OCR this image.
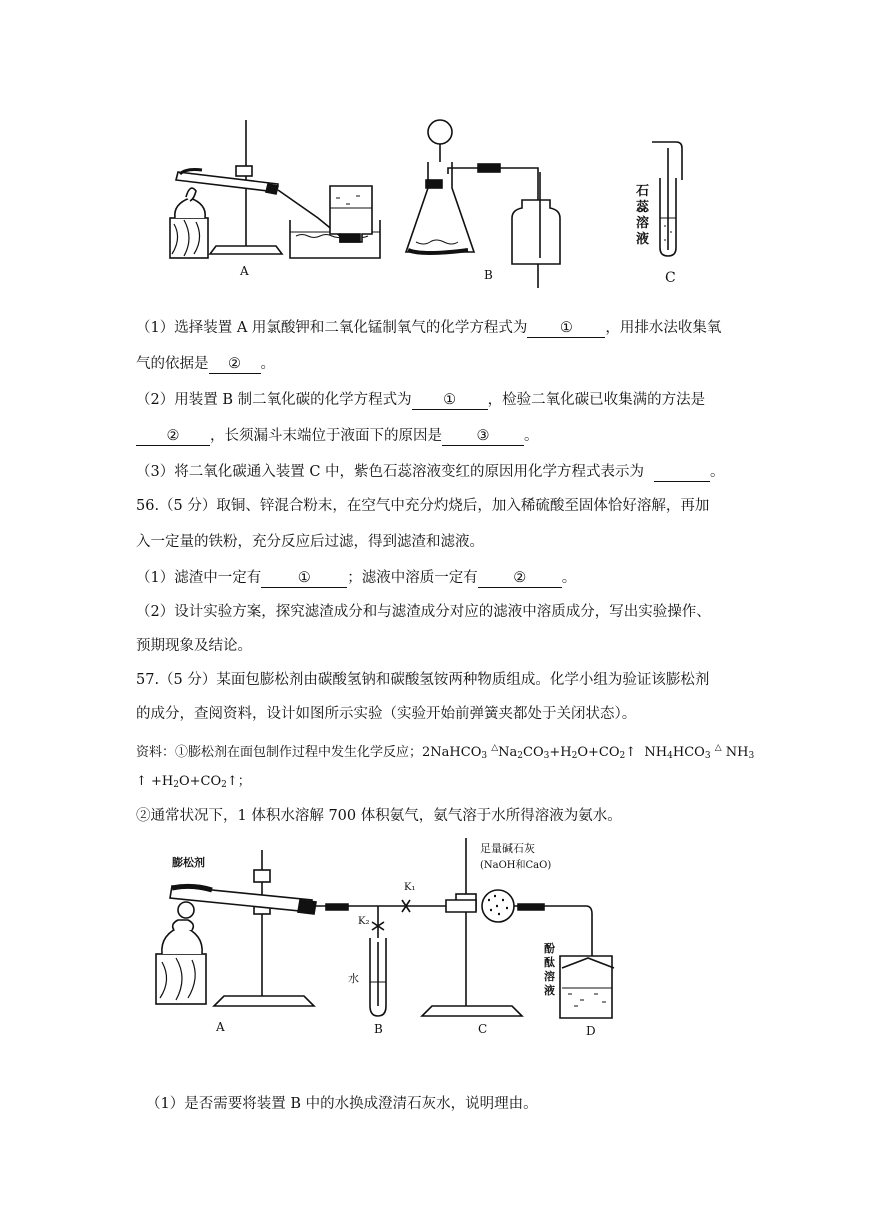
A	B	C
石
蕊
溶
液
（1）选择装置 A 用氯酸钾和二氧化锰制氧气的化学方程式为 ① ，用排水法收集氧
气的依据是 ② 。
（2）用装置 B 制二氧化碳的化学方程式为 ① ，检验二氧化碳已收集满的方法是
② ，长须漏斗末端位于液面下的原因是 ③ 。
（3）将二氧化碳通入装置 C 中，紫色石蕊溶液变红的原因用化学方程式表示为	。
56.（5 分）取铜、锌混合粉末，在空气中充分灼烧后，加入稀硫酸至固体恰好溶解，再加
入一定量的铁粉，充分反应后过滤，得到滤渣和滤液。
（1）滤渣中一定有	①	；滤液中溶质一定有 ② 。
（2）设计实验方案，探究滤渣成分和与滤渣成分对应的滤液中溶质成分，写出实验操作、
预期现象及结论。
57.（5 分）某面包膨松剂由碳酸氢钠和碳酸氢铵两种物质组成。化学小组为验证该膨松剂
的成分，查阅资料，设计如图所示实验（实验开始前弹簧夹都处于关闭状态）。
资料：①膨松剂在面包制作过程中发生化学反应；2NaHCO$_3$ $^\triangle Na_2CO_3+H_2O+CO_2↑$ $NH_4HCO_3$ △ $NH_3$
↑ $+H_2O+CO_2↑$；
②通常状况下，1 体积水溶解 700 体积氨气，氨气溶于水所得溶液为氨水。
膨松剂
足量碱石灰
(NaOH和CaO)
K₁
K₂
水
酚
酞
溶
液
A	B	C	D
（1）是否需要将装置 B 中的水换成澄清石灰水，说明理由。
